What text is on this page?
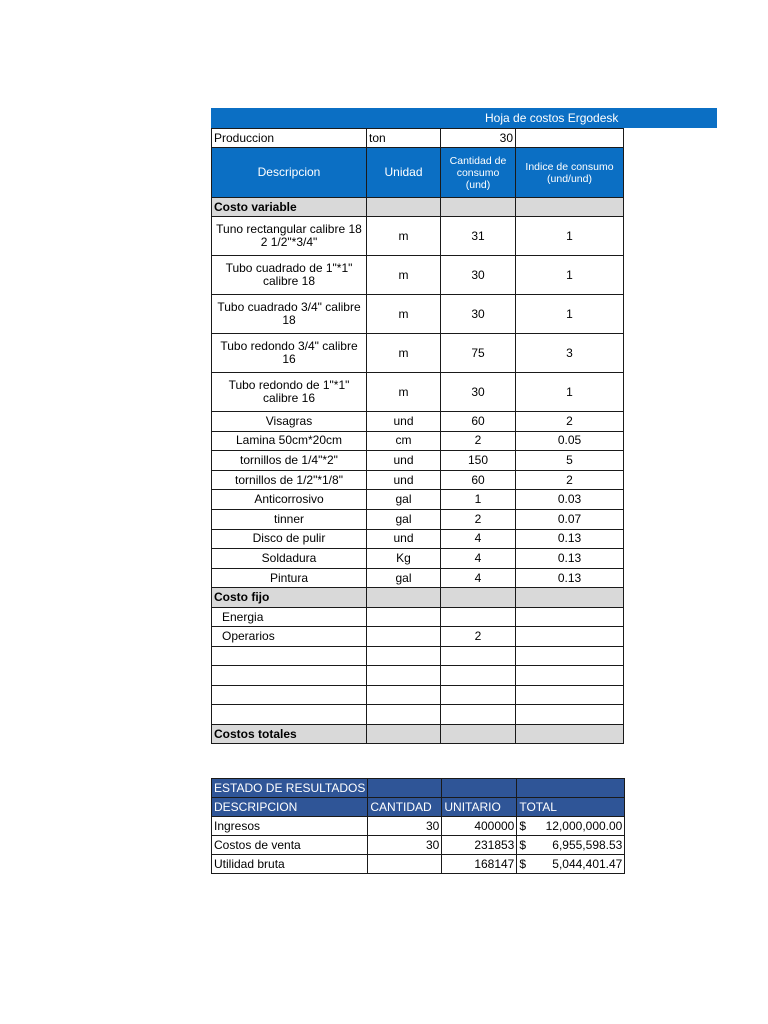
Hoja de costos Ergodesk
Produccion	ton	30	
Descripcion	Unidad	Cantidad de consumo (und)	Indice de consumo (und/und)
Costo variable			
Tuno rectangular calibre 18 2 1/2"*3/4"	m	31	1
Tubo cuadrado de 1"*1" calibre 18	m	30	1
Tubo cuadrado 3/4" calibre 18	m	30	1
Tubo redondo 3/4" calibre 16	m	75	3
Tubo redondo de 1"*1" calibre 16	m	30	1
Visagras	und	60	2
Lamina 50cm*20cm	cm	2	0.05
tornillos de 1/4"*2"	und	150	5
tornillos de 1/2"*1/8"	und	60	2
Anticorrosivo	gal	1	0.03
tinner	gal	2	0.07
Disco de pulir	und	4	0.13
Soldadura	Kg	4	0.13
Pintura	gal	4	0.13
Costo fijo			
Energia			
Operarios		2	

Costos totales			
ESTADO DE RESULTADOS			
DESCRIPCION	CANTIDAD	UNITARIO	TOTAL
Ingresos	30	400000	$ 12,000,000.00

Costos de venta	30	231853	$ 6,955,598.53

Utilidad bruta		168147	$ 5,044,401.47
